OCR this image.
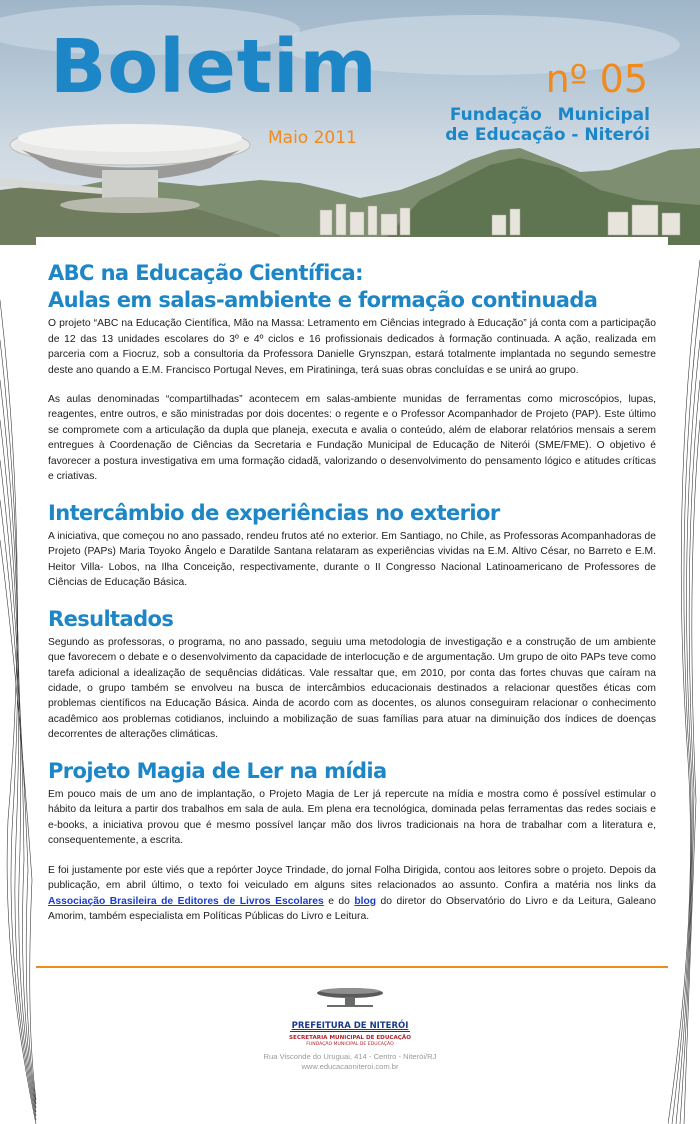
Boletim
Maio 2011
nº 05
Fundação Municipal
de Educação - Niterói
ABC na Educação Científica:
Aulas em salas-ambiente e formação continuada

O projeto “ABC na Educação Científica, Mão na Massa: Letramento em Ciências integrado à Educação” já conta com a participação de 12 das 13 unidades escolares do 3º e 4º ciclos e 16 profissionais dedicados à formação continuada. A ação, realizada em parceria com a Fiocruz, sob a consultoria da Professora Danielle Grynszpan, estará totalmente implantada no segundo semestre deste ano quando a E.M. Francisco Portugal Neves, em Piratininga, terá suas obras concluídas e se unirá ao grupo.

As aulas denominadas “compartilhadas” acontecem em salas-ambiente munidas de ferramentas como microscópios, lupas, reagentes, entre outros, e são ministradas por dois docentes: o regente e o Professor Acompanhador de Projeto (PAP). Este último se compromete com a articulação da dupla que planeja, executa e avalia o conteúdo, além de elaborar relatórios mensais a serem entregues à Coordenação de Ciências da Secretaria e Fundação Municipal de Educação de Niterói (SME/FME). O objetivo é favorecer a postura investigativa em uma formação cidadã, valorizando o desenvolvimento do pensamento lógico e atitudes críticas e criativas.

Intercâmbio de experiências no exterior

A iniciativa, que começou no ano passado, rendeu frutos até no exterior. Em Santiago, no Chile, as Professoras Acompanhadoras de Projeto (PAPs) Maria Toyoko Ângelo e Daratilde Santana relataram as experiências vividas na E.M. Altivo César, no Barreto e E.M. Heitor Villa- Lobos, na Ilha Conceição, respectivamente, durante o II Congresso Nacional Latinoamericano de Professores de Ciências de Educação Básica.

Resultados

Segundo as professoras, o programa, no ano passado, seguiu uma metodologia de investigação e a construção de um ambiente que favorecem o debate e o desenvolvimento da capacidade de interlocução e de argumentação. Um grupo de oito PAPs teve como tarefa adicional a idealização de sequências didáticas. Vale ressaltar que, em 2010, por conta das fortes chuvas que caíram na cidade, o grupo também se envolveu na busca de intercâmbios educacionais destinados a relacionar questões éticas com problemas científicos na Educação Básica. Ainda de acordo com as docentes, os alunos conseguiram relacionar o conhecimento acadêmico aos problemas cotidianos, incluindo a mobilização de suas famílias para atuar na diminuição dos índices de doenças decorrentes de alterações climáticas.

Projeto Magia de Ler na mídia

Em pouco mais de um ano de implantação, o Projeto Magia de Ler já repercute na mídia e mostra como é possível estimular o hábito da leitura a partir dos trabalhos em sala de aula. Em plena era tecnológica, dominada pelas ferramentas das redes sociais e e-books, a iniciativa provou que é mesmo possível lançar mão dos livros tradicionais na hora de trabalhar com a literatura e, consequentemente, a escrita.

E foi justamente por este viés que a repórter Joyce Trindade, do jornal Folha Dirigida, contou aos leitores sobre o projeto. Depois da publicação, em abril último, o texto foi veiculado em alguns sites relacionados ao assunto. Confira a matéria nos links da Associação Brasileira de Editores de Livros Escolares e do blog do diretor do Observatório do Livro e da Leitura, Galeano Amorim, também especialista em Políticas Públicas do Livro e Leitura.

PREFEITURA DE NITERÓI
SECRETARIA MUNICIPAL DE EDUCAÇÃO
FUNDAÇÃO MUNICIPAL DE EDUCAÇÃO
Rua Visconde do Uruguai, 414 - Centro - Niterói/RJ
www.educacaoniteroi.com.br
